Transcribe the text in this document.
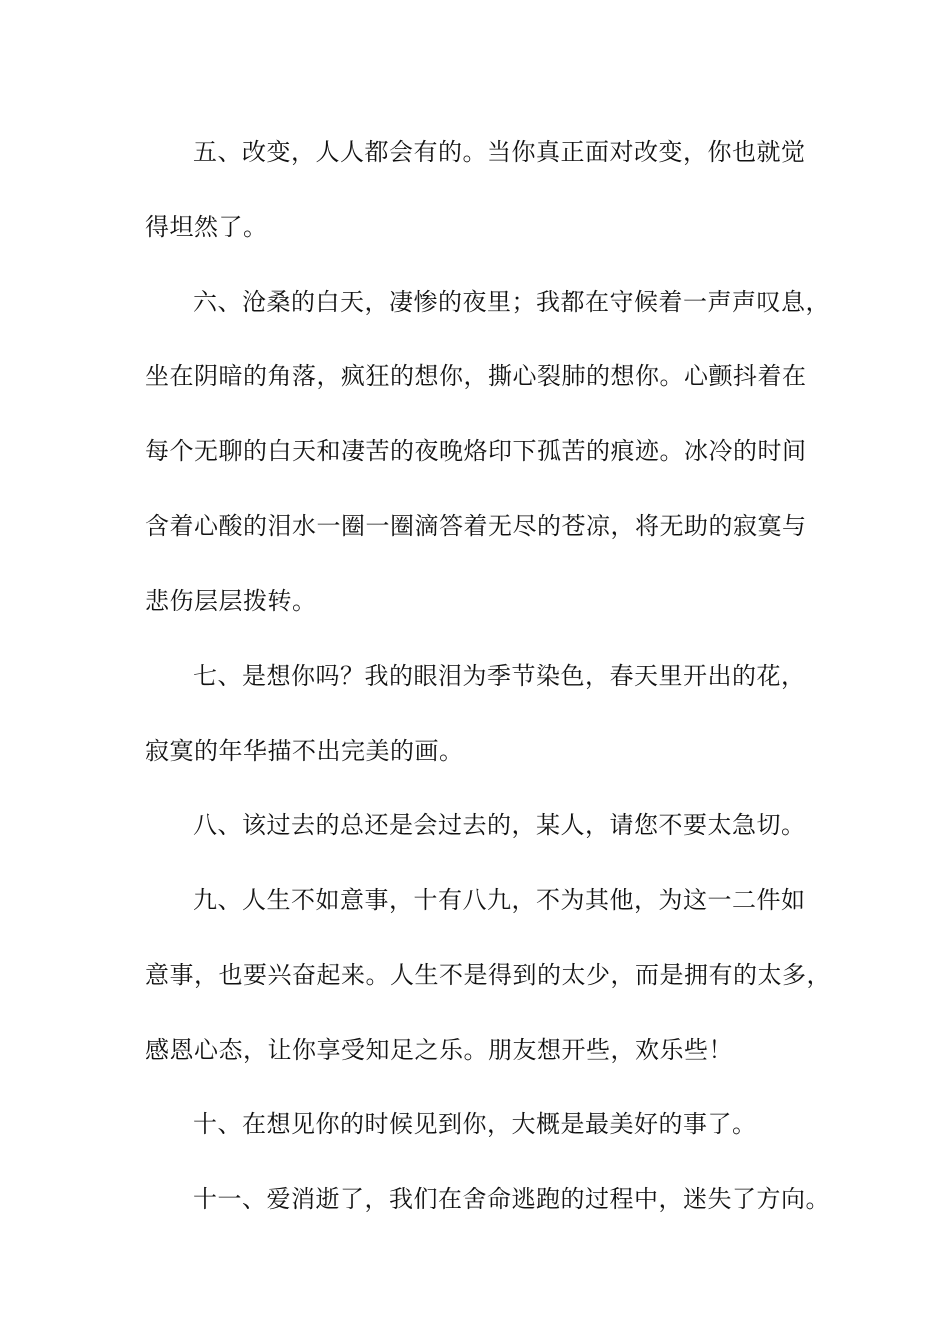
五、改变，人人都会有的。当你真正面对改变，你也就觉
得坦然了。
六、沧桑的白天，凄惨的夜里；我都在守候着一声声叹息，
坐在阴暗的角落，疯狂的想你，撕心裂肺的想你。心颤抖着在
每个无聊的白天和凄苦的夜晚烙印下孤苦的痕迹。冰冷的时间
含着心酸的泪水一圈一圈滴答着无尽的苍凉，将无助的寂寞与
悲伤层层拨转。
七、是想你吗？我的眼泪为季节染色，春天里开出的花，
寂寞的年华描不出完美的画。
八、该过去的总还是会过去的，某人，请您不要太急切。
九、人生不如意事，十有八九，不为其他，为这一二件如
意事，也要兴奋起来。人生不是得到的太少，而是拥有的太多，
感恩心态，让你享受知足之乐。朋友想开些，欢乐些！
十、在想见你的时候见到你，大概是最美好的事了。
十一、爱消逝了，我们在舍命逃跑的过程中，迷失了方向。
